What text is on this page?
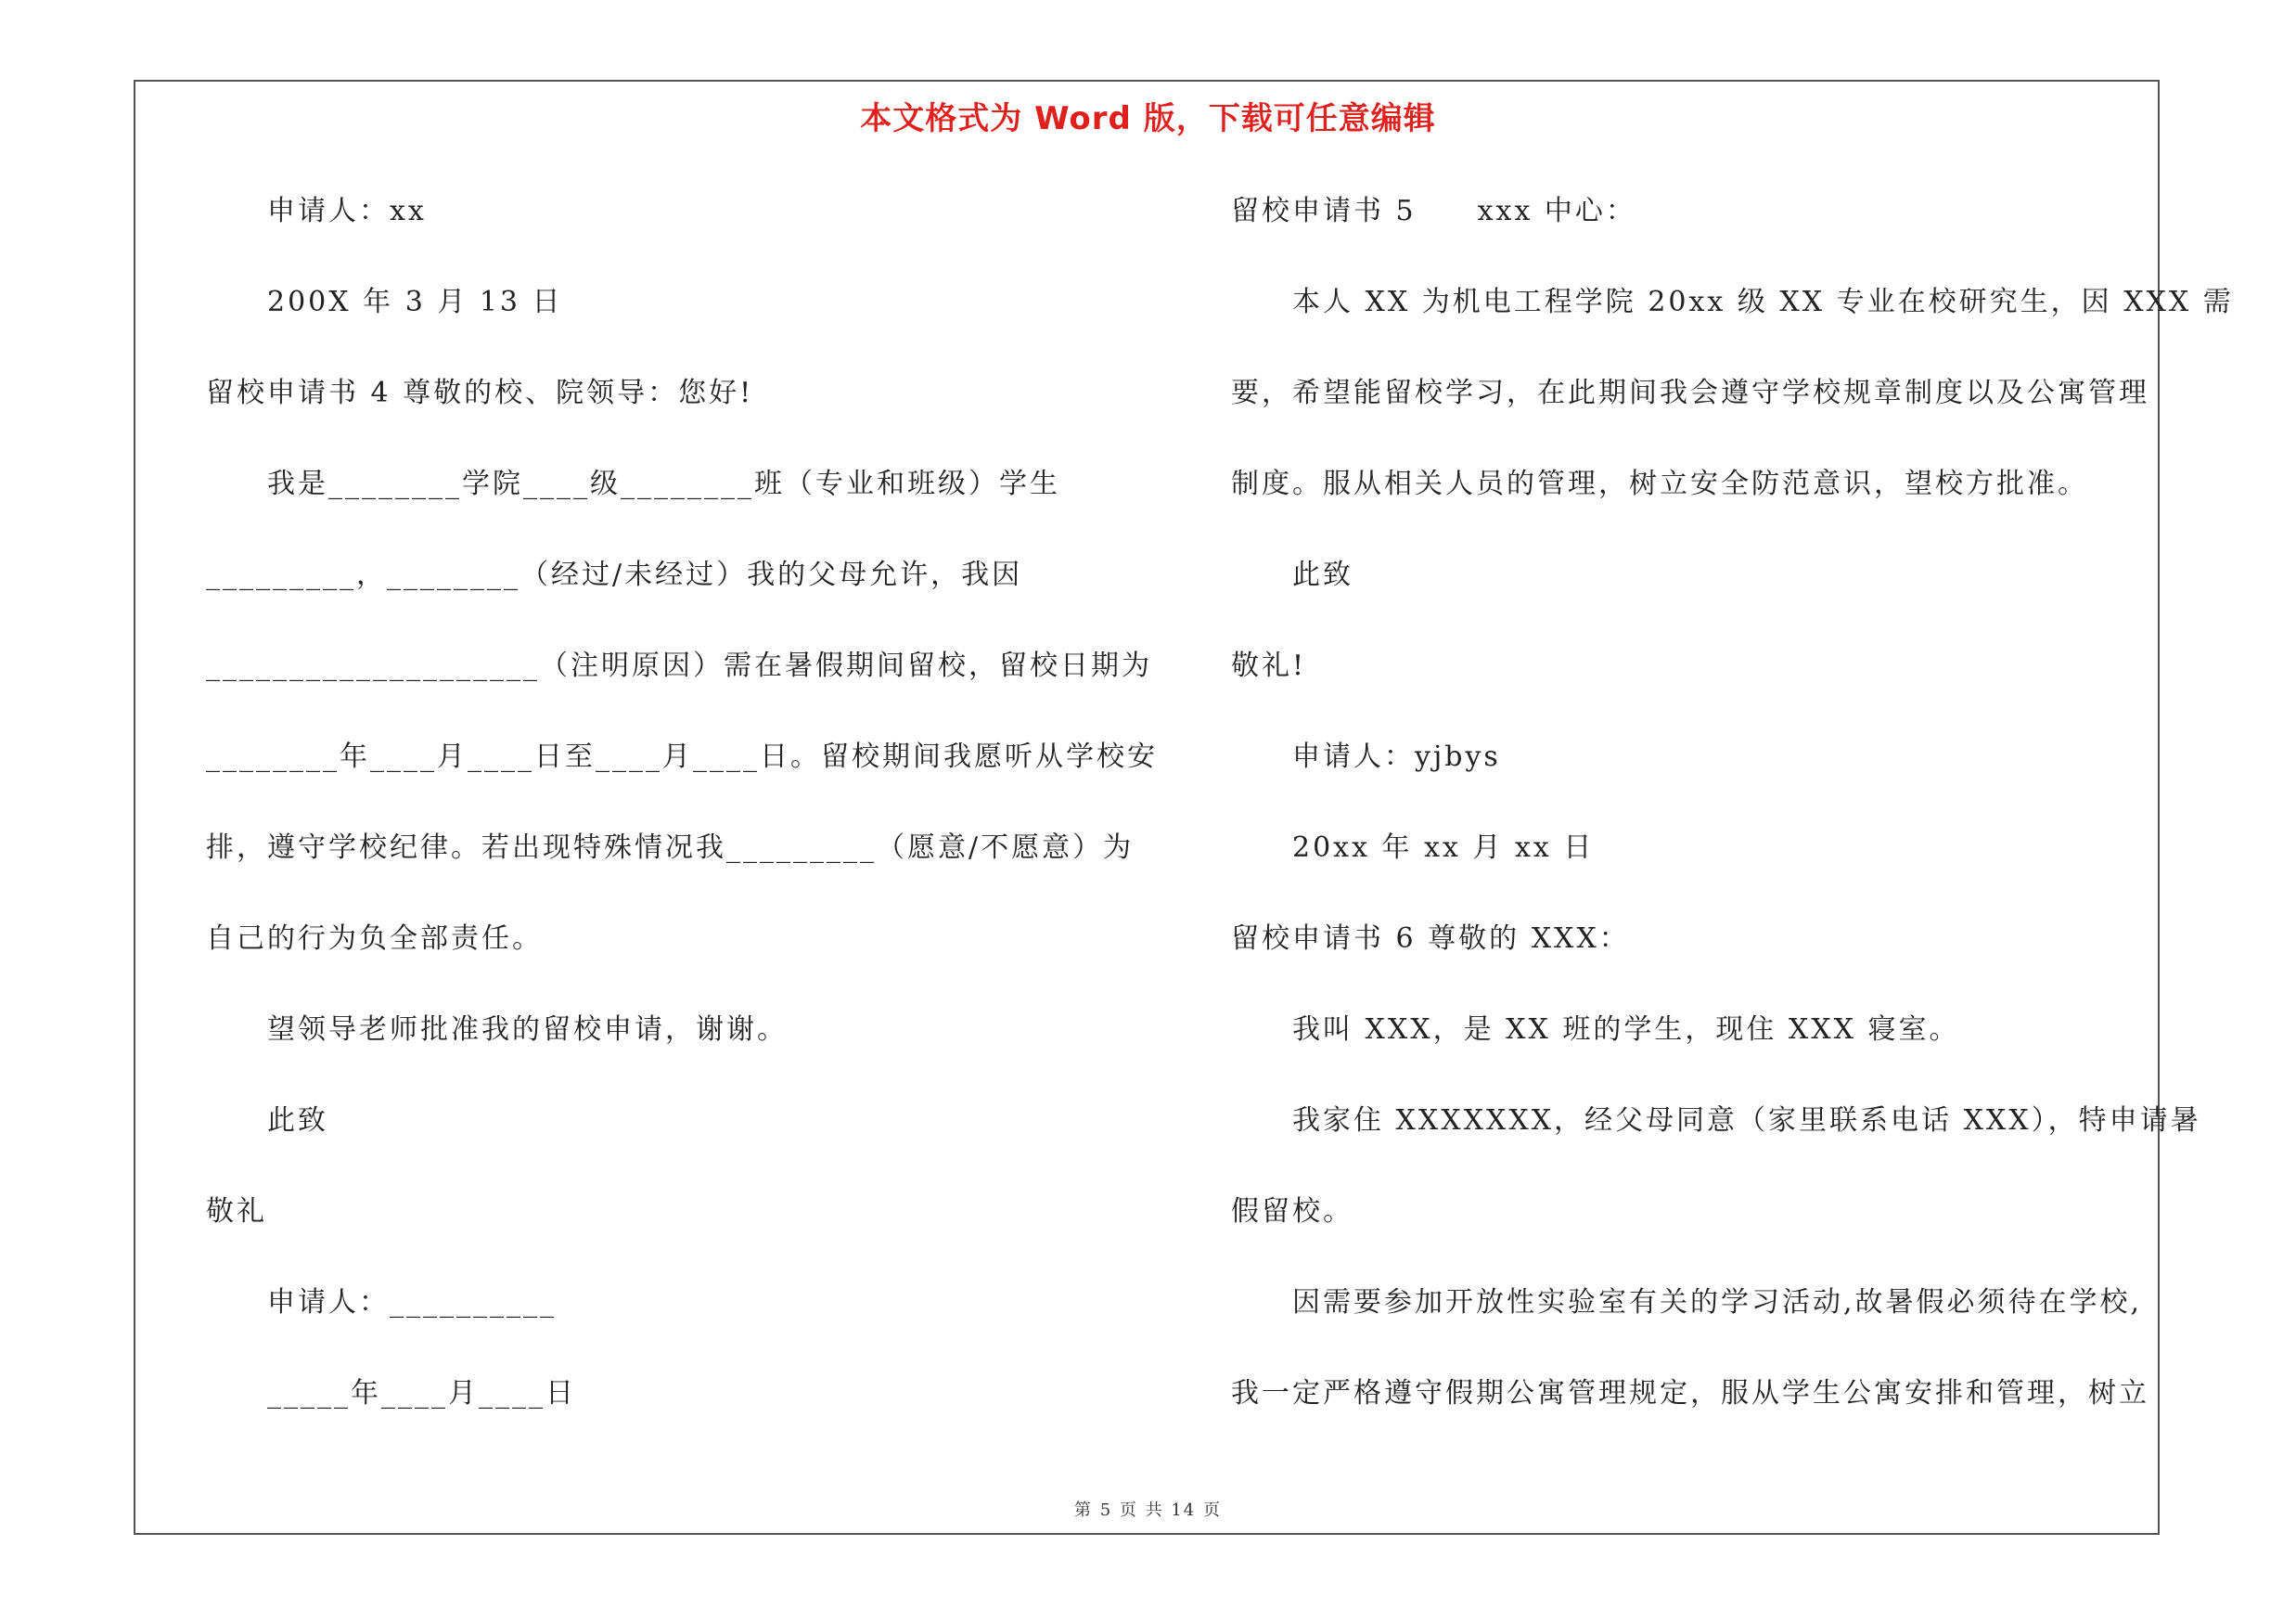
本文格式为 Word 版，下载可任意编辑
申请人：xx
200X 年 3 月 13 日
留校申请书 4 尊敬的校、院领导：您好!
我是________学院____级________班（专业和班级）学生
_________，________（经过/未经过）我的父母允许，我因
____________________（注明原因）需在暑假期间留校，留校日期为
________年____月____日至____月____日。留校期间我愿听从学校安
排，遵守学校纪律。若出现特殊情况我_________（愿意/不愿意）为
自己的行为负全部责任。
望领导老师批准我的留校申请，谢谢。
此致
敬礼
申请人：__________
_____年____月____日
留校申请书 5　　xxx 中心：
本人 XX 为机电工程学院 20xx 级 XX 专业在校研究生，因 XXX 需
要，希望能留校学习，在此期间我会遵守学校规章制度以及公寓管理
制度。服从相关人员的管理，树立安全防范意识，望校方批准。
此致
敬礼!
申请人：yjbys
20xx 年 xx 月 xx 日
留校申请书 6 尊敬的 XXX：
我叫 XXX，是 XX 班的学生，现住 XXX 寝室。
我家住 XXXXXXX，经父母同意（家里联系电话 XXX），特申请暑
假留校。
因需要参加开放性实验室有关的学习活动,故暑假必须待在学校,
我一定严格遵守假期公寓管理规定，服从学生公寓安排和管理，树立
第 5 页 共 14 页
